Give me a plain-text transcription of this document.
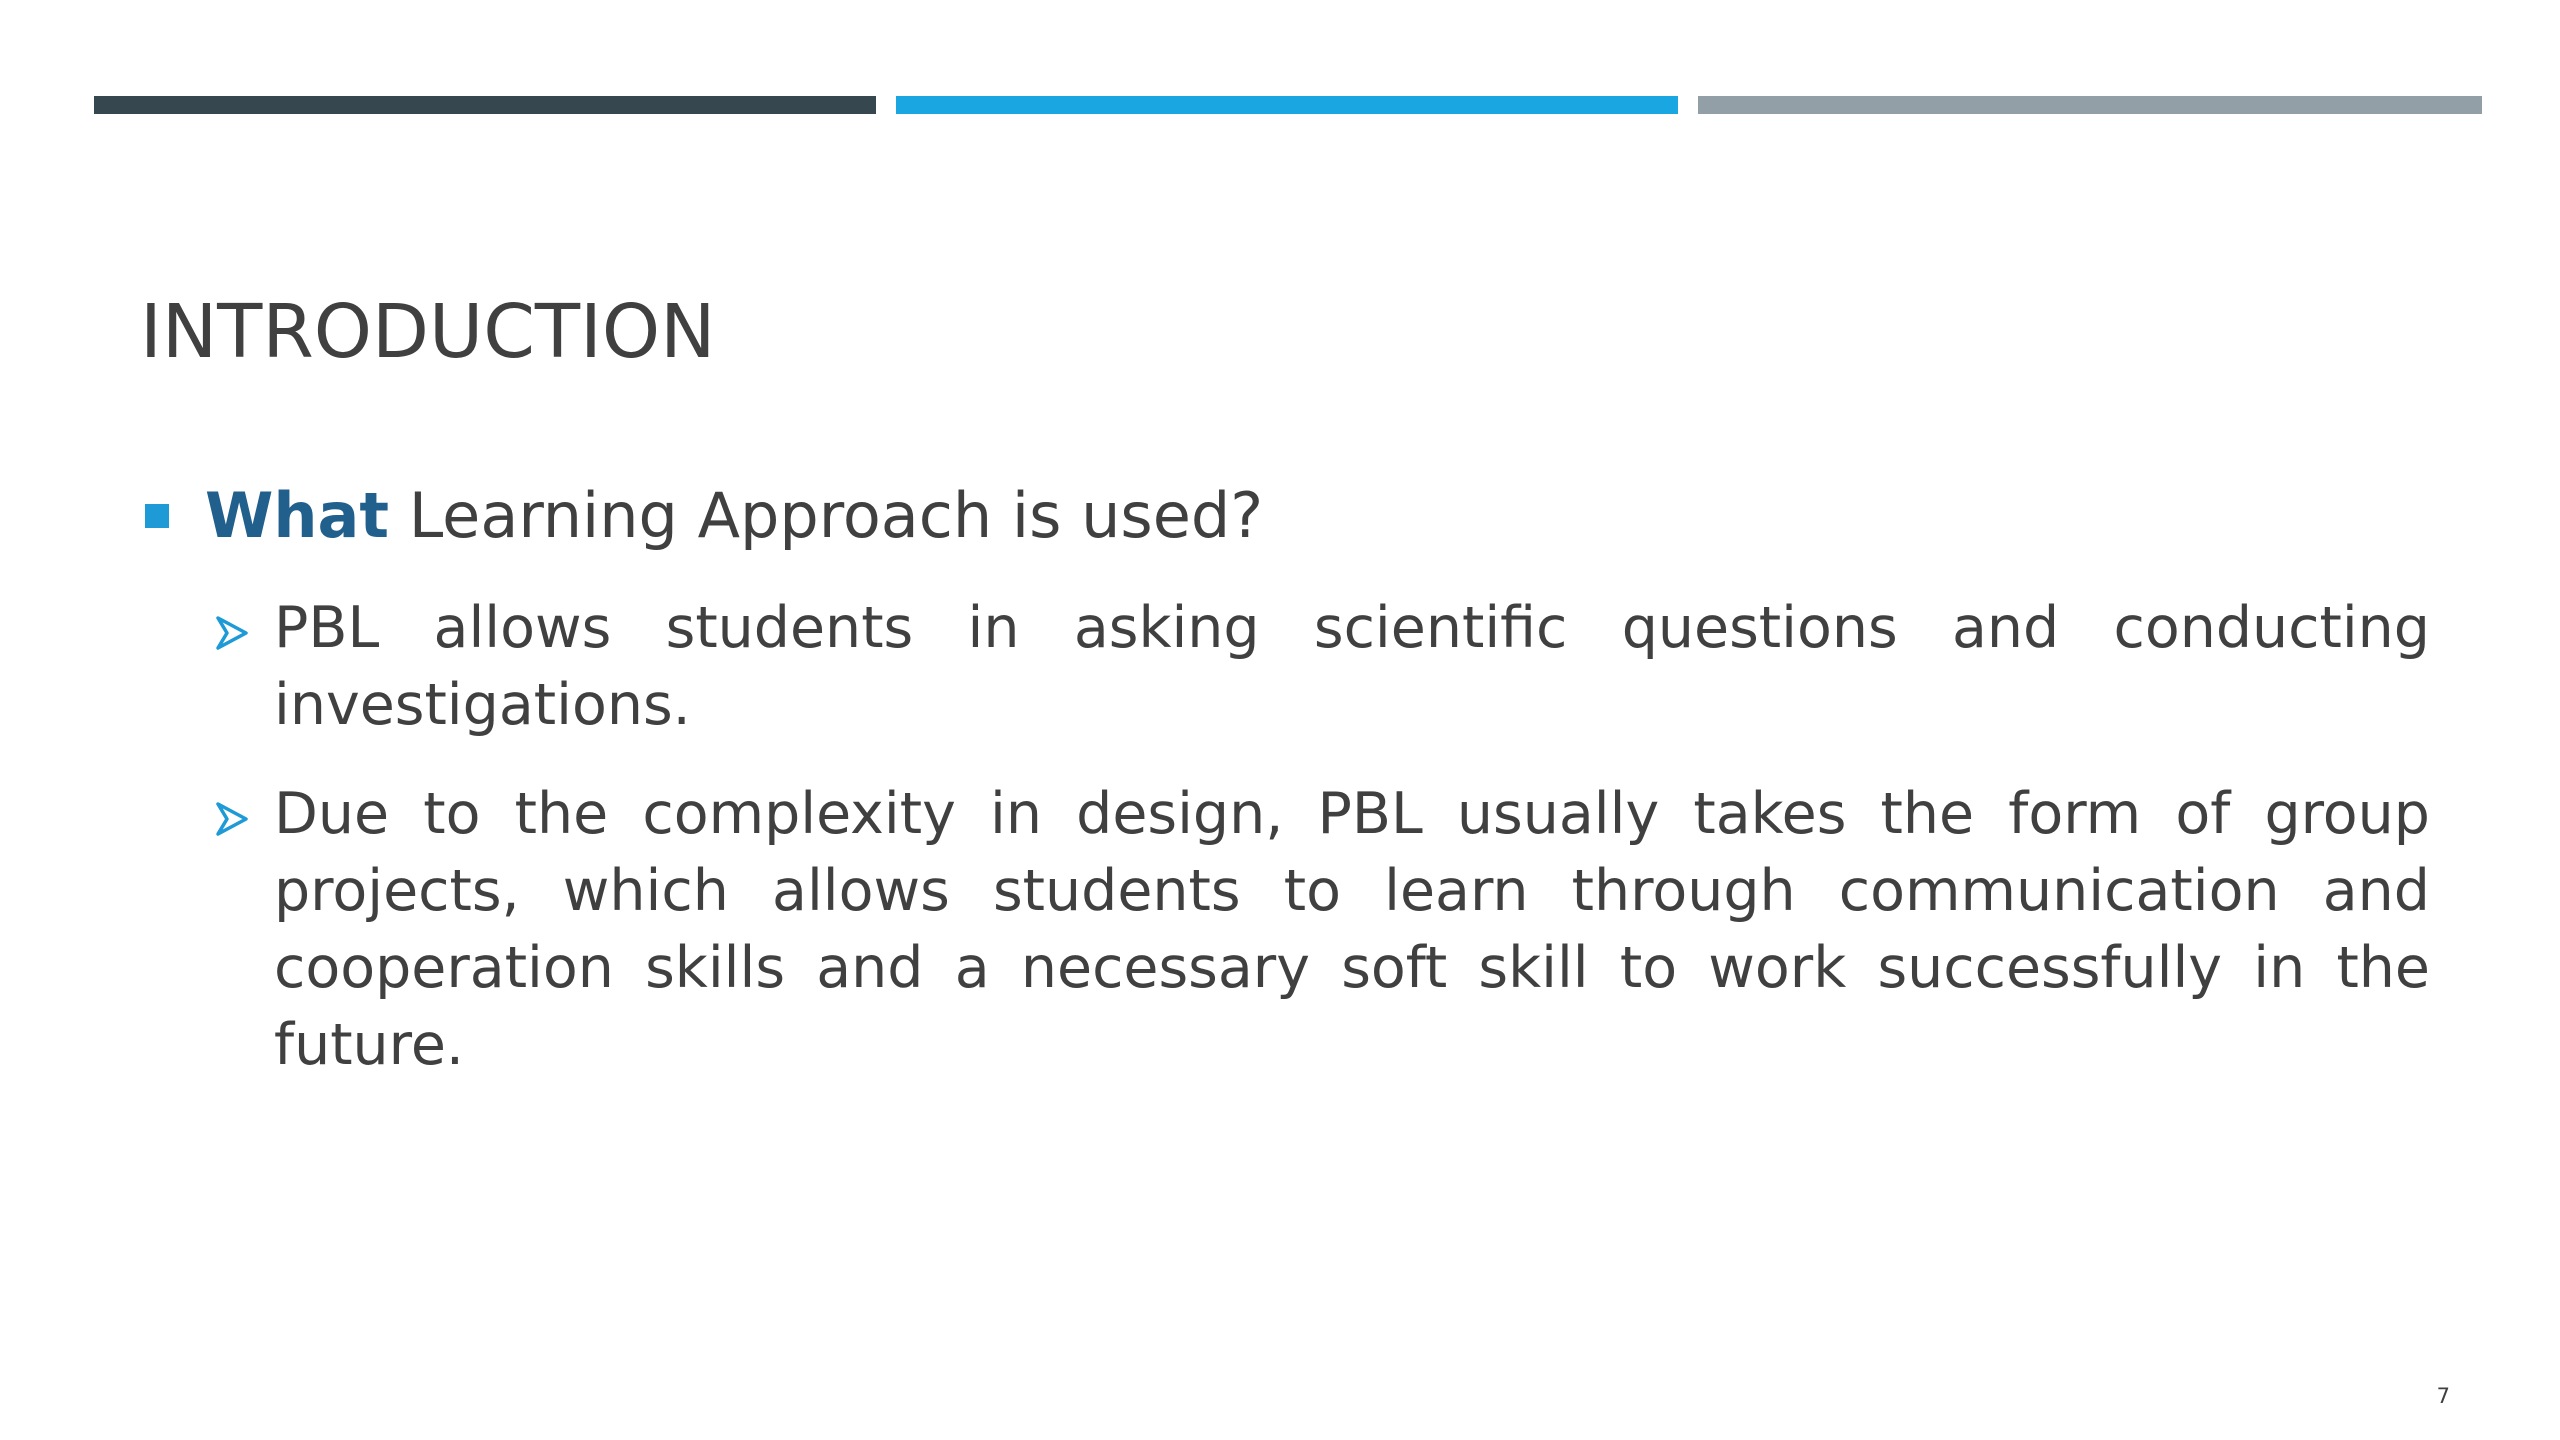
INTRODUCTION
What Learning Approach is used?
PBL allows students in asking scientific questions and conducting investigations.
Due to the complexity in design, PBL usually takes the form of group projects, which allows students to learn through communication and cooperation skills and a necessary soft skill to work successfully in the future.
7
